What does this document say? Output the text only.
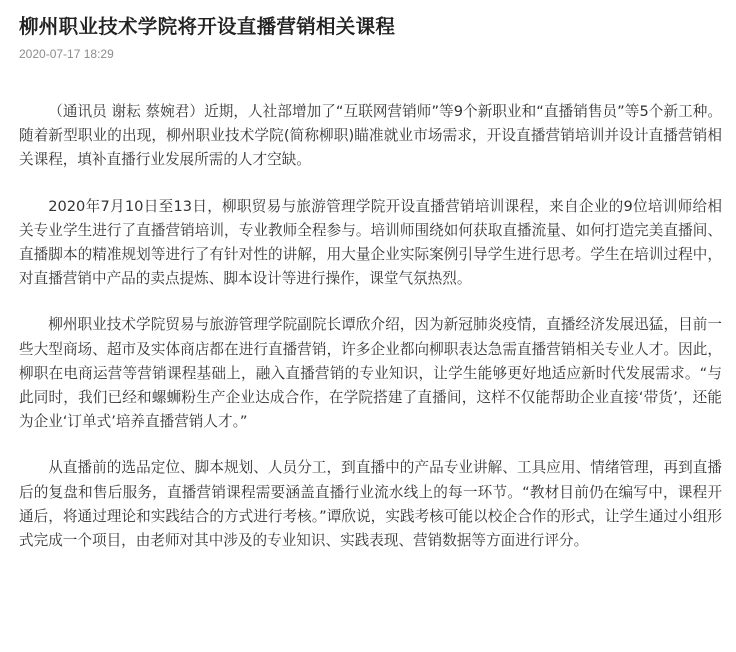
柳州职业技术学院将开设直播营销相关课程
2020-07-17 18:29

（通讯员 谢耘 蔡婉君）近期，人社部增加了“互联网营销师”等9个新职业和“直播销售员”等5个新工种。随着新型职业的出现，柳州职业技术学院(简称柳职)瞄准就业市场需求，开设直播营销培训并设计直播营销相关课程，填补直播行业发展所需的人才空缺。

2020年7月10日至13日，柳职贸易与旅游管理学院开设直播营销培训课程，来自企业的9位培训师给相关专业学生进行了直播营销培训，专业教师全程参与。培训师围绕如何获取直播流量、如何打造完美直播间、直播脚本的精准规划等进行了有针对性的讲解，用大量企业实际案例引导学生进行思考。学生在培训过程中，对直播营销中产品的卖点提炼、脚本设计等进行操作，课堂气氛热烈。

柳州职业技术学院贸易与旅游管理学院副院长谭欣介绍，因为新冠肺炎疫情，直播经济发展迅猛，目前一些大型商场、超市及实体商店都在进行直播营销，许多企业都向柳职表达急需直播营销相关专业人才。因此，柳职在电商运营等营销课程基础上，融入直播营销的专业知识，让学生能够更好地适应新时代发展需求。“与此同时，我们已经和螺蛳粉生产企业达成合作，在学院搭建了直播间，这样不仅能帮助企业直接‘带货’，还能为企业‘订单式’培养直播营销人才。”

从直播前的选品定位、脚本规划、人员分工，到直播中的产品专业讲解、工具应用、情绪管理，再到直播后的复盘和售后服务，直播营销课程需要涵盖直播行业流水线上的每一环节。“教材目前仍在编写中，课程开通后，将通过理论和实践结合的方式进行考核。”谭欣说，实践考核可能以校企合作的形式，让学生通过小组形式完成一个项目，由老师对其中涉及的专业知识、实践表现、营销数据等方面进行评分。
